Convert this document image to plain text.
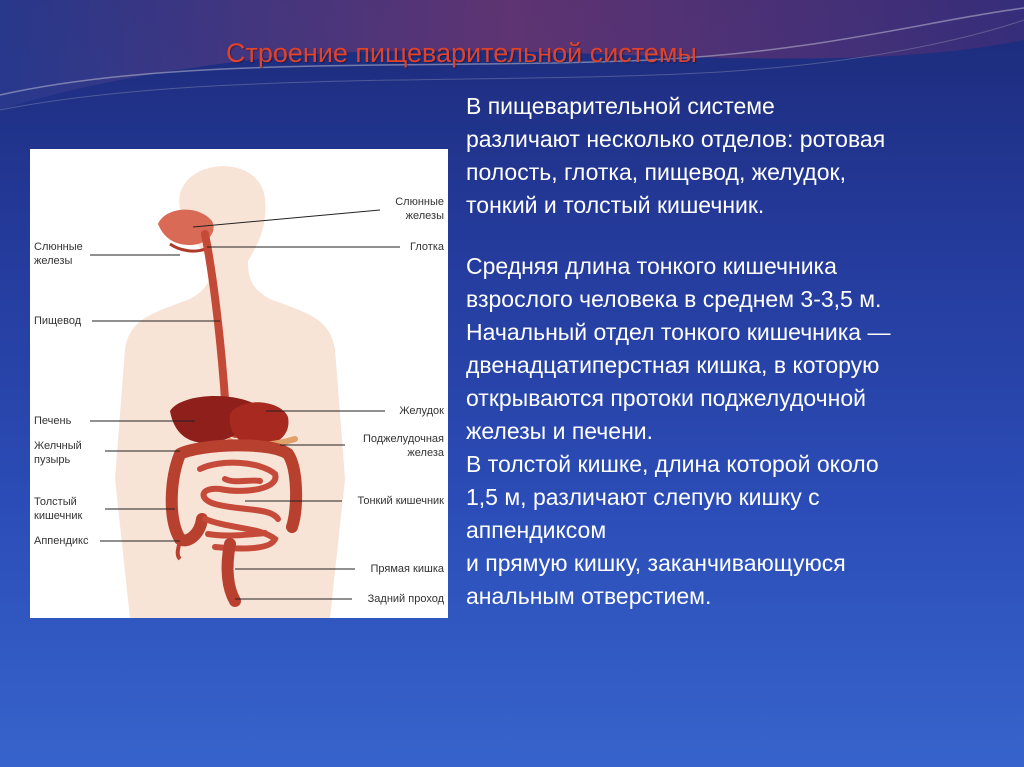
Строение пищеварительной системы
Слюнные
железы
Глотка
Слюнные
железы
Пищевод
Печень
Желудок
Поджелудочная
железа
Желчный
пузырь
Толстый
кишечник
Тонкий кишечник
Аппендикс
Прямая кишка
Задний проход

В пищеварительной системе

различают несколько отделов: ротовая

полость, глотка, пищевод, желудок,

тонкий и толстый кишечник.

Средняя длина тонкого кишечника

взрослого человека в среднем 3-3,5 м.

Начальный отдел тонкого кишечника —

двенадцатиперстная кишка, в которую

открываются протоки поджелудочной

железы и печени.

В толстой кишке, длина которой около

1,5 м, различают слепую кишку с

аппендиксом

и прямую кишку, заканчивающуюся

анальным отверстием.
